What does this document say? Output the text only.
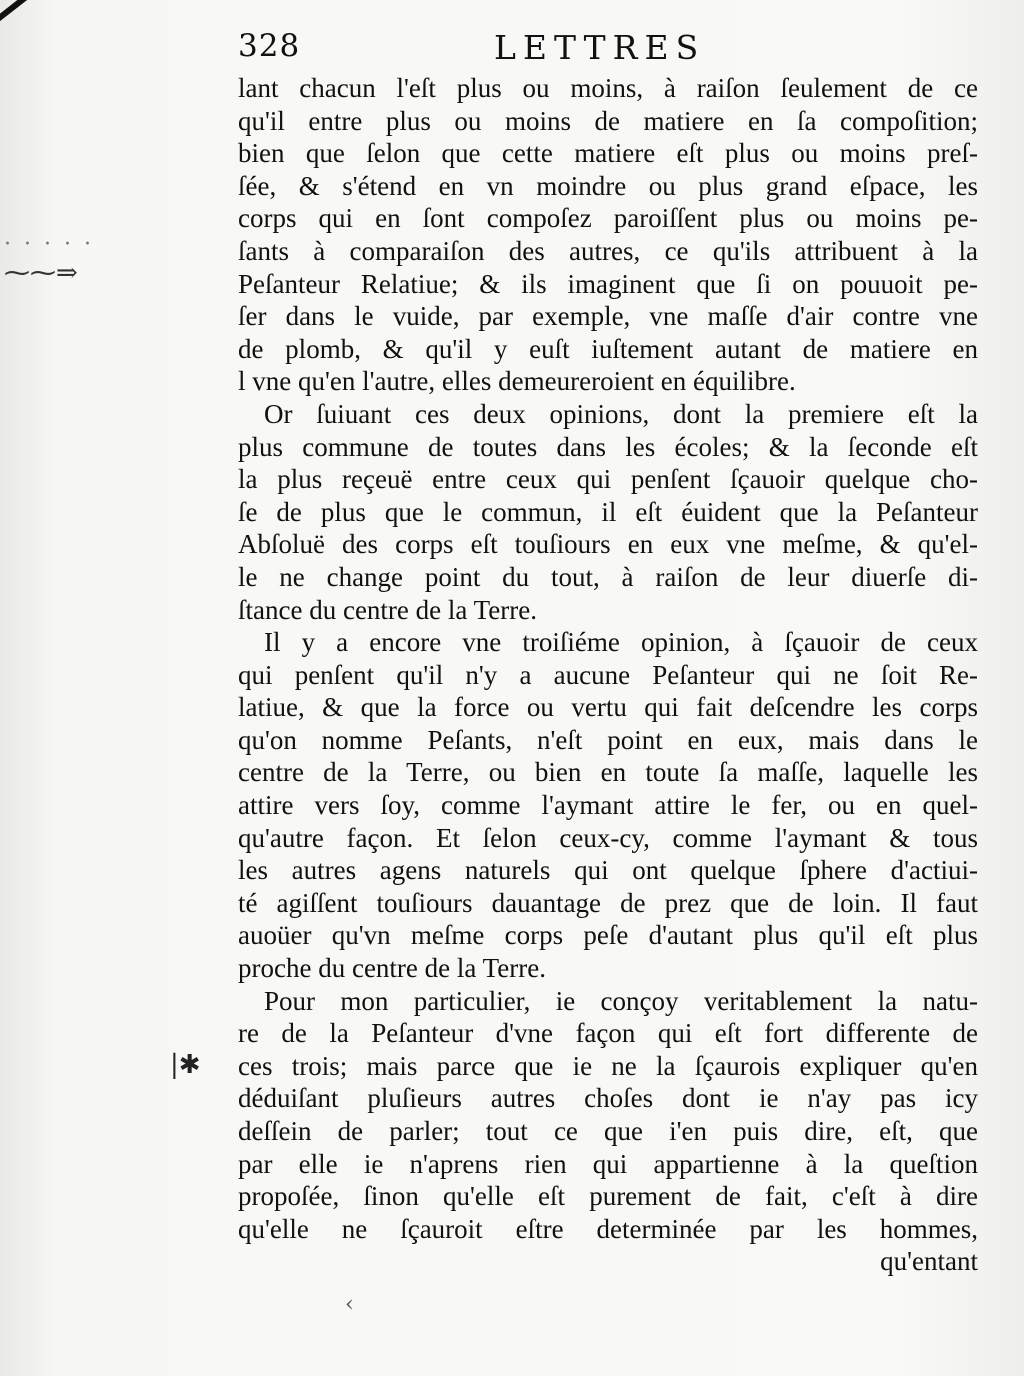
328	LETTRES
· · · · ·
⁓⁓⇒
|✱
‹
lant chacun l'eſt plus ou moins, à raiſon ſeulement de ce
qu'il entre plus ou moins de matiere en ſa compoſition;
bien que ſelon que cette matiere eſt plus ou moins preſ-
ſée, & s'étend en vn moindre ou plus grand eſpace, les
corps qui en ſont compoſez paroiſſent plus ou moins pe-
ſants à comparaiſon des autres, ce qu'ils attribuent à la
Peſanteur Relatiue; & ils imaginent que ſi on pouuoit pe-
ſer dans le vuide, par exemple, vne maſſe d'air contre vne
de plomb, & qu'il y euſt iuſtement autant de matiere en
l vne qu'en l'autre, elles demeureroient en équilibre.
Or ſuiuant ces deux opinions, dont la premiere eſt la
plus commune de toutes dans les écoles; & la ſeconde eſt
la plus reçeuë entre ceux qui penſent ſçauoir quelque cho-
ſe de plus que le commun, il eſt éuident que la Peſanteur
Abſoluë des corps eſt touſiours en eux vne meſme, & qu'el-
le ne change point du tout, à raiſon de leur diuerſe di-
ſtance du centre de la Terre.
Il y a encore vne troiſiéme opinion, à ſçauoir de ceux
qui penſent qu'il n'y a aucune Peſanteur qui ne ſoit Re-
latiue, & que la force ou vertu qui fait deſcendre les corps
qu'on nomme Peſants, n'eſt point en eux, mais dans le
centre de la Terre, ou bien en toute ſa maſſe, laquelle les
attire vers ſoy, comme l'aymant attire le fer, ou en quel-
qu'autre façon. Et ſelon ceux-cy, comme l'aymant & tous
les autres agens naturels qui ont quelque ſphere d'actiui-
té agiſſent touſiours dauantage de prez que de loin. Il faut
auoüer qu'vn meſme corps peſe d'autant plus qu'il eſt plus
proche du centre de la Terre.
Pour mon particulier, ie conçoy veritablement la natu-
re de la Peſanteur d'vne façon qui eſt fort differente de
ces trois; mais parce que ie ne la ſçaurois expliquer qu'en
déduiſant pluſieurs autres choſes dont ie n'ay pas icy
deſſein de parler; tout ce que i'en puis dire, eſt, que
par elle ie n'aprens rien qui appartienne à la queſtion
propoſée, ſinon qu'elle eſt purement de fait, c'eſt à dire
qu'elle ne ſçauroit eſtre determinée par les hommes,
qu'entant
